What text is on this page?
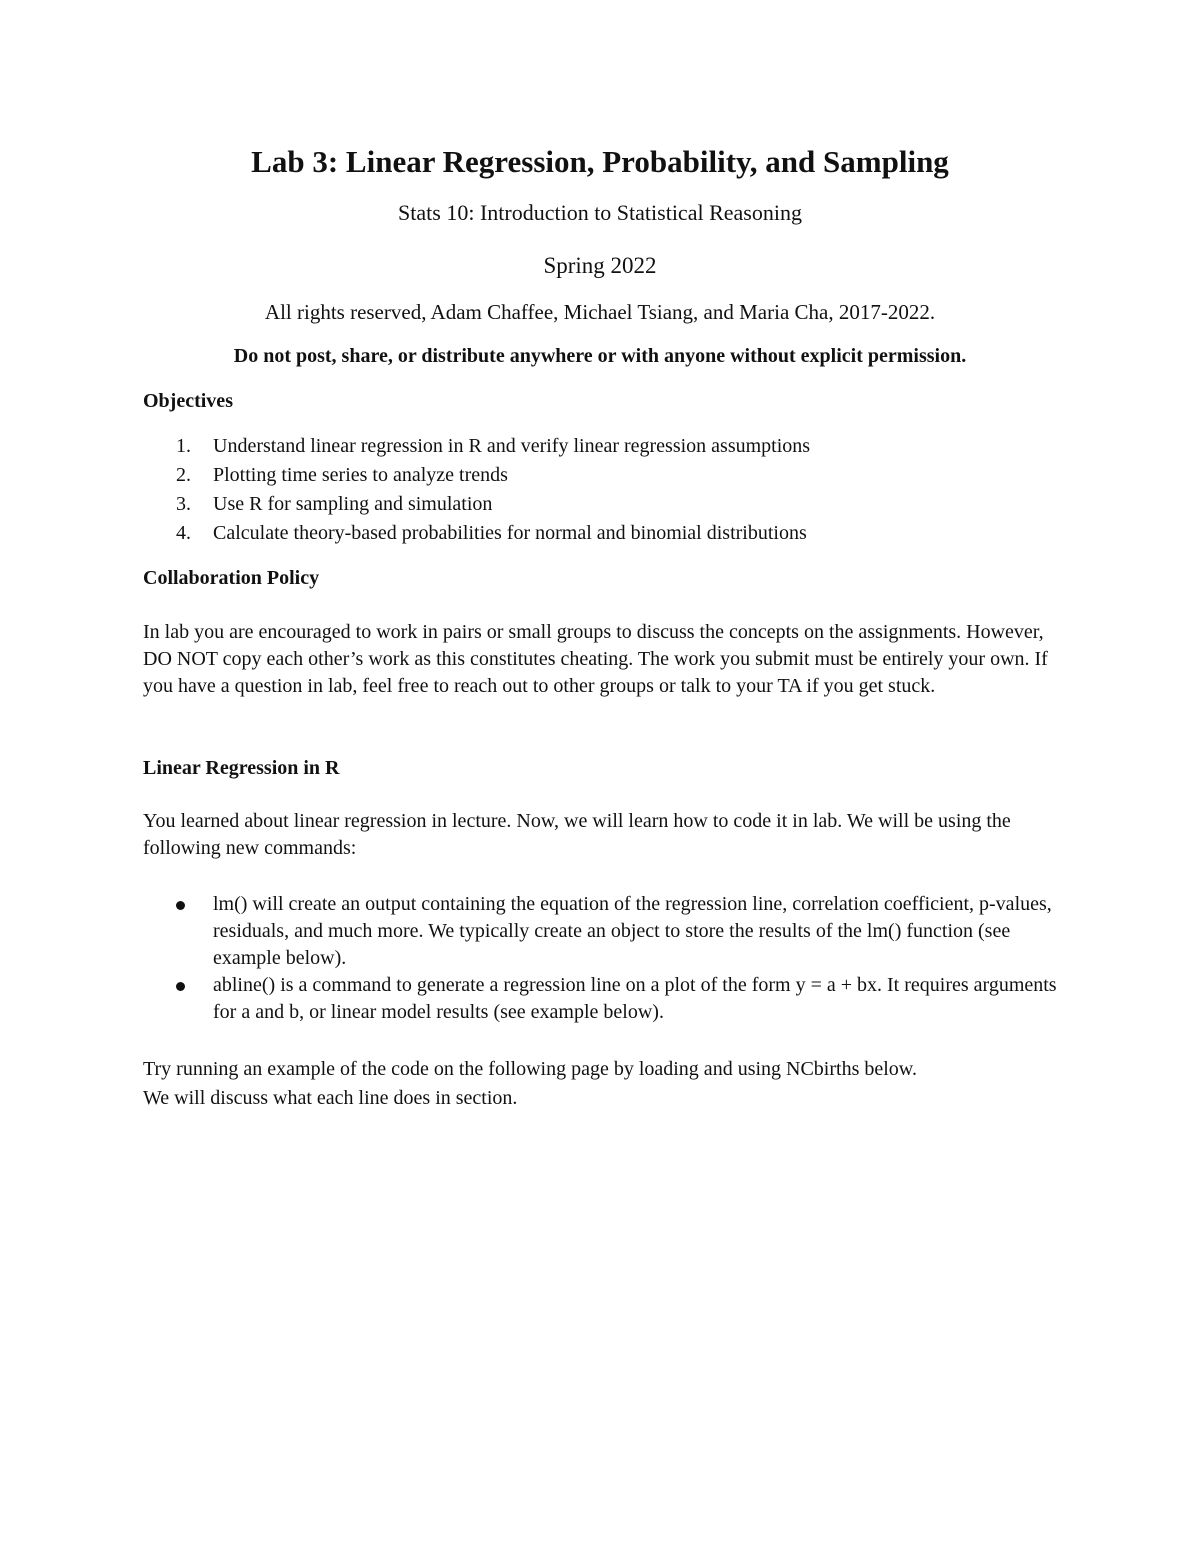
Lab 3: Linear Regression, Probability, and Sampling

Stats 10: Introduction to Statistical Reasoning

Spring 2022

All rights reserved, Adam Chaffee, Michael Tsiang, and Maria Cha, 2017-2022.

Do not post, share, or distribute anywhere or with anyone without explicit permission.

Objectives
1. Understand linear regression in R and verify linear regression assumptions
2. Plotting time series to analyze trends
3. Use R for sampling and simulation
4. Calculate theory-based probabilities for normal and binomial distributions
Collaboration Policy

In lab you are encouraged to work in pairs or small groups to discuss the concepts on the assignments. However, DO NOT copy each other’s work as this constitutes cheating. The work you submit must be entirely your own. If you have a question in lab, feel free to reach out to other groups or talk to your TA if you get stuck.

Linear Regression in R

You learned about linear regression in lecture. Now, we will learn how to code it in lab. We will be using the following new commands:

lm() will create an output containing the equation of the regression line, correlation coefficient, p-values, residuals, and much more. We typically create an object to store the results of the lm() function (see example below).
abline() is a command to generate a regression line on a plot of the form y = a + bx. It requires arguments for a and b, or linear model results (see example below).

Try running an example of the code on the following page by loading and using NCbirths below.
We will discuss what each line does in section.
